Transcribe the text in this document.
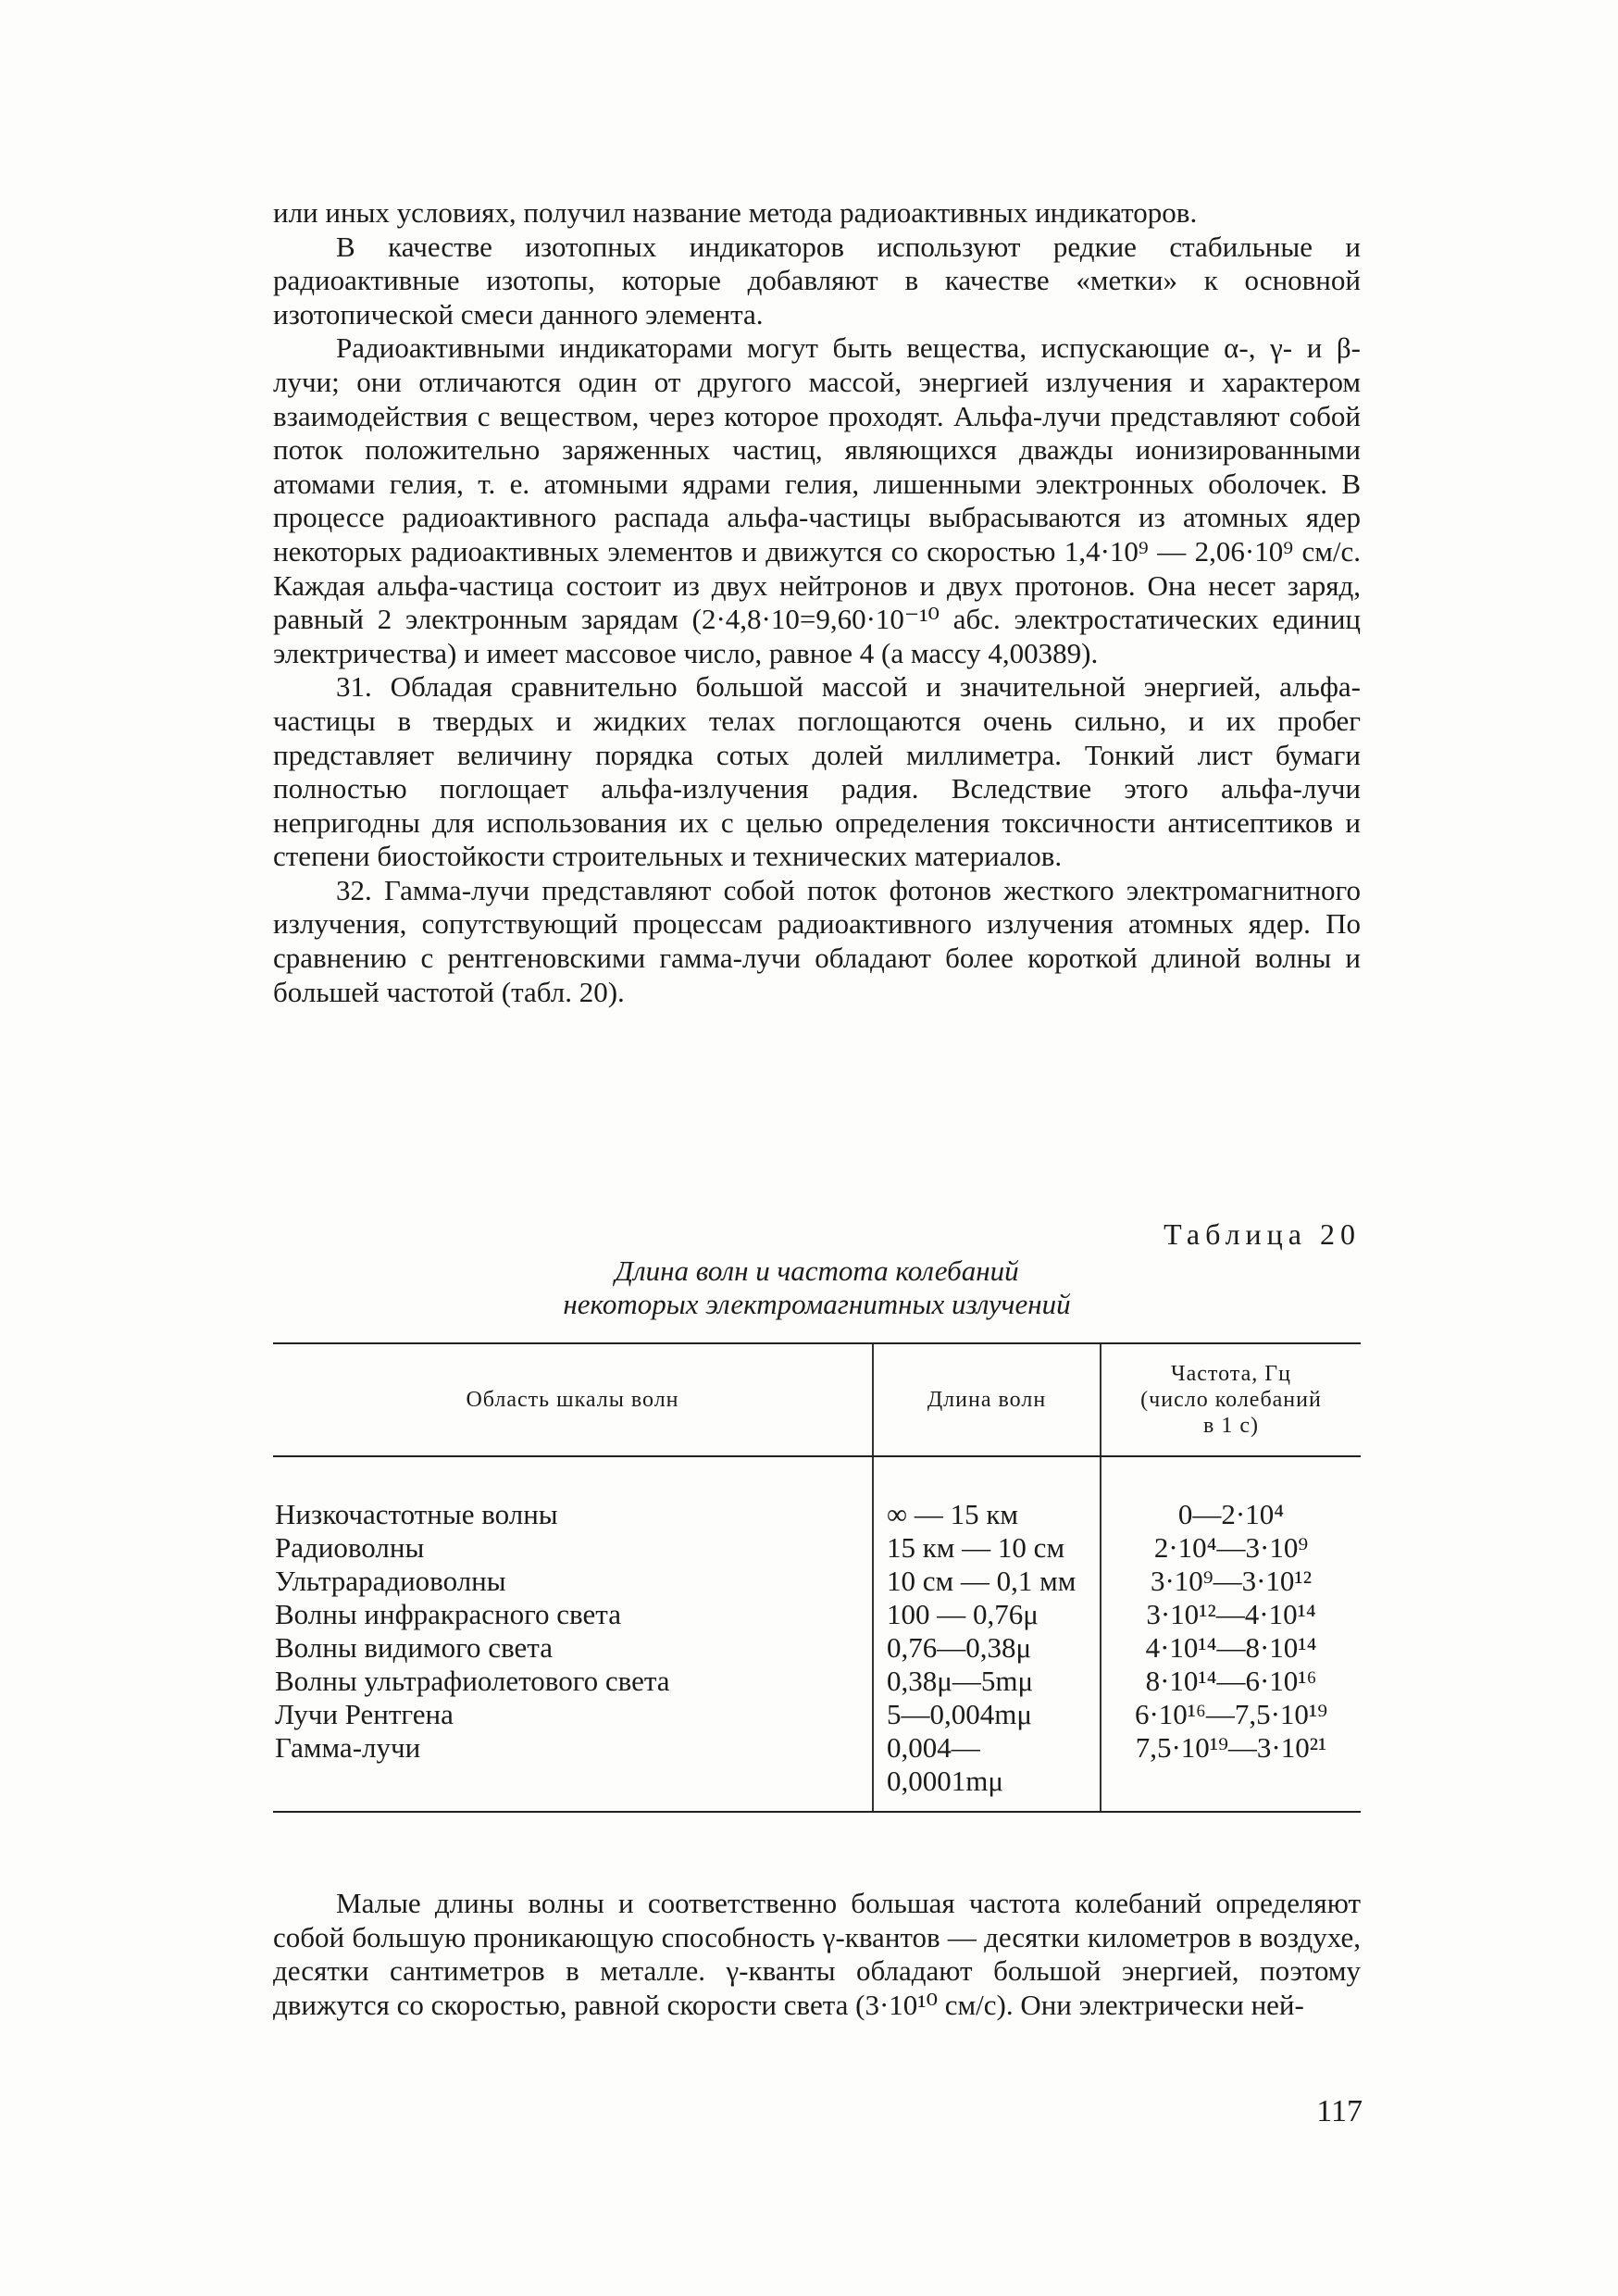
или иных условиях, получил название метода радиоактивных индикаторов.

В качестве изотопных индикаторов используют редкие стабильные и радиоактивные изотопы, которые добавляют в качестве «метки» к основной изотопической смеси данного элемента.

Радиоактивными индикаторами могут быть вещества, испускающие α-, γ- и β-лучи; они отличаются один от другого массой, энергией излучения и характером взаимодействия с веществом, через которое проходят. Альфа-лучи представляют собой поток положительно заряженных частиц, являющихся дважды ионизированными атомами гелия, т. е. атомными ядрами гелия, лишенными электронных оболочек. В процессе радиоактивного распада альфа-частицы выбрасываются из атомных ядер некоторых радиоактивных элементов и движутся со скоростью 1,4·10⁹ — 2,06·10⁹ см/с. Каждая альфа-частица состоит из двух нейтронов и двух протонов. Она несет заряд, равный 2 электронным зарядам (2·4,8·10=9,60·10⁻¹⁰ абс. электростатических единиц электричества) и имеет массовое число, равное 4 (а массу 4,00389).

31. Обладая сравнительно большой массой и значительной энергией, альфа-частицы в твердых и жидких телах поглощаются очень сильно, и их пробег представляет величину порядка сотых долей миллиметра. Тонкий лист бумаги полностью поглощает альфа-излучения радия. Вследствие этого альфа-лучи непригодны для использования их с целью определения токсичности антисептиков и степени биостойкости строительных и технических материалов.

32. Гамма-лучи представляют собой поток фотонов жесткого электромагнитного излучения, сопутствующий процессам радиоактивного излучения атомных ядер. По сравнению с рентгеновскими гамма-лучи обладают более короткой длиной волны и большей частотой (табл. 20).

Таблица 20
Длина волн и частота колебаний
некоторых электромагнитных излучений
Область шкалы волн	Длина волн	Частота, Гц
(число колебаний
в 1 с)

Низкочастотные волны	∞ — 15 км	0—2·10⁴
Радиоволны	15 км — 10 см	2·10⁴—3·10⁹
Ультрарадиоволны	10 см — 0,1 мм	3·10⁹—3·10¹²
Волны инфракрасного света	100 — 0,76μ	3·10¹²—4·10¹⁴
Волны видимого света	0,76—0,38μ	4·10¹⁴—8·10¹⁴
Волны ультрафиолетового света	0,38μ—5mμ	8·10¹⁴—6·10¹⁶
Лучи Рентгена	5—0,004mμ	6·10¹⁶—7,5·10¹⁹
Гамма-лучи	0,004— 0,0001mμ	7,5·10¹⁹—3·10²¹

Малые длины волны и соответственно большая частота колебаний определяют собой большую проникающую способность γ-квантов — десятки километров в воздухе, десятки сантиметров в металле. γ-кванты обладают большой энергией, поэтому движутся со скоростью, равной скорости света (3·10¹⁰ см/с). Они электрически ней-

117
